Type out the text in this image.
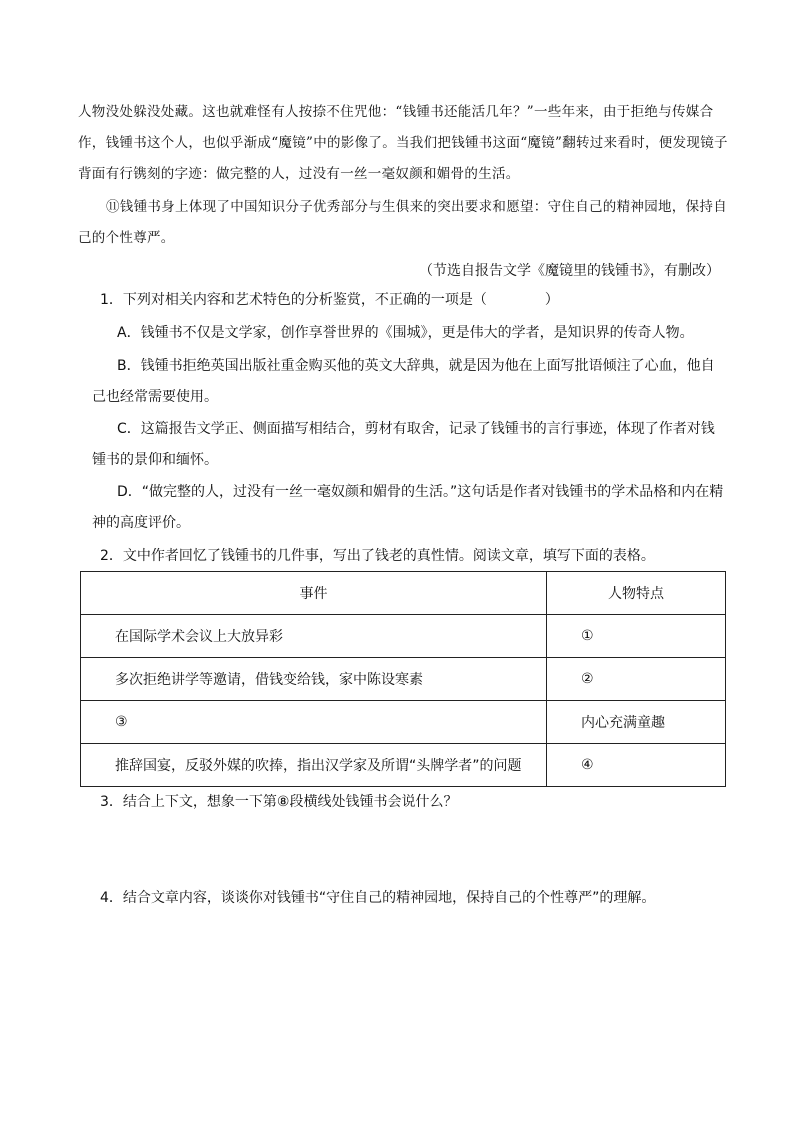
人物没处躲没处藏。这也就难怪有人按捺不住咒他：“钱锺书还能活几年？”一些年来，由于拒绝与传媒合作，钱锺书这个人，也似乎渐成“魔镜”中的影像了。当我们把钱锺书这面“魔镜”翻转过来看时，便发现镜子背面有行镌刻的字迹：做完整的人，过没有一丝一毫奴颜和媚骨的生活。

⑪钱锺书身上体现了中国知识分子优秀部分与生俱来的突出要求和愿望：守住自己的精神园地，保持自己的个性尊严。

（节选自报告文学《魔镜里的钱锺书》，有删改）

1．下列对相关内容和艺术特色的分析鉴赏，不正确的一项是（	）

A．钱锺书不仅是文学家，创作享誉世界的《围城》，更是伟大的学者，是知识界的传奇人物。

B．钱锺书拒绝英国出版社重金购买他的英文大辞典，就是因为他在上面写批语倾注了心血，他自己也经常需要使用。

C．这篇报告文学正、侧面描写相结合，剪材有取舍，记录了钱锺书的言行事迹，体现了作者对钱锺书的景仰和缅怀。

D．“做完整的人，过没有一丝一毫奴颜和媚骨的生活。”这句话是作者对钱锺书的学术品格和内在精神的高度评价。

2．文中作者回忆了钱锺书的几件事，写出了钱老的真性情。阅读文章，填写下面的表格。

事件	人物特点
在国际学术会议上大放异彩	①
多次拒绝讲学等邀请，借钱变给钱，家中陈设寒素	②
③	内心充满童趣
推辞国宴，反驳外媒的吹捧，指出汉学家及所谓“头牌学者”的问题	④

3．结合上下文，想象一下第⑧段横线处钱锺书会说什么？

4．结合文章内容，谈谈你对钱锺书“守住自己的精神园地，保持自己的个性尊严”的理解。
